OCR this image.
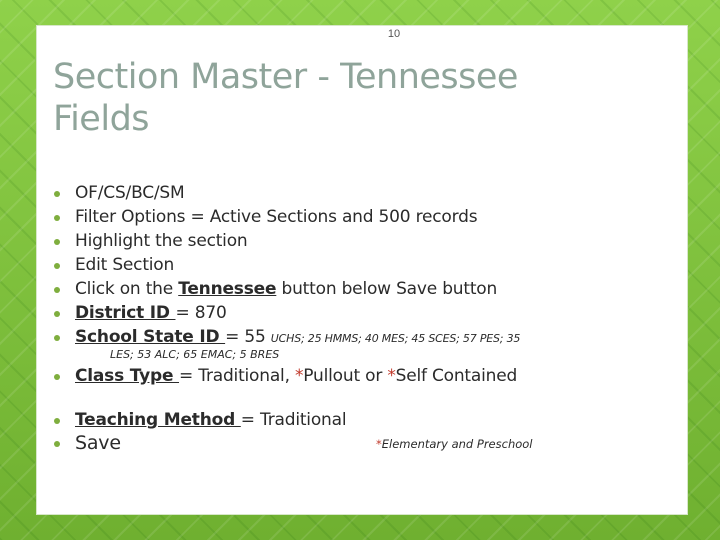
10
Section Master - Tennessee
Fields
OF/CS/BC/SM
Filter Options = Active Sections and 500 records
Highlight the section
Edit Section
Click on the Tennessee button below Save button
District ID = 870
School State ID = 55 UCHS; 25 HMMS; 40 MES; 45 SCES; 57 PES; 35
LES; 53 ALC; 65 EMAC; 5 BRES
Class Type = Traditional, *Pullout or *Self Contained
Teaching Method = Traditional
Save	*Elementary and Preschool
